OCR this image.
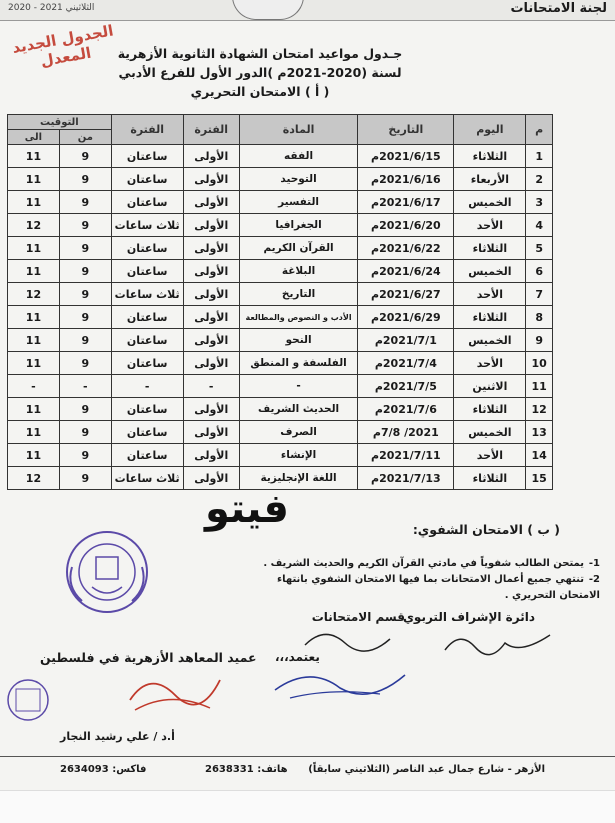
لجنة الامتحانات
2020 - 2021 الثلاثيني
الجدول الجديد المعدل	جـدول مواعيد امتحان الشهادة الثانوية الأزهرية
لسنة (2020-2021م )الدور الأول للفرع الأدبي
( أ ) الامتحان التحريري
م	اليوم	التاريخ	المادة	الفترة	الفترة	التوقيت	
						من	الى
1	الثلاثاء	2021/6/15م	الفقه	الأولى	ساعتان	9	11
2	الأربعاء	2021/6/16م	التوحيد	الأولى	ساعتان	9	11
3	الخميس	2021/6/17م	التفسير	الأولى	ساعتان	9	11
4	الأحد	2021/6/20م	الجغرافيا	الأولى	ثلاث ساعات	9	12
5	الثلاثاء	2021/6/22م	القرآن الكريم	الأولى	ساعتان	9	11
6	الخميس	2021/6/24م	البلاغة	الأولى	ساعتان	9	11
7	الأحد	2021/6/27م	التاريخ	الأولى	ثلاث ساعات	9	12
8	الثلاثاء	2021/6/29م	الأدب و النصوص والمطالعة	الأولى	ساعتان	9	11
9	الخميس	2021/7/1م	النحو	الأولى	ساعتان	9	11
10	الأحد	2021/7/4م	الفلسفة و المنطق	الأولى	ساعتان	9	11
11	الاثنين	2021/7/5م	-	-	-	-	-
12	الثلاثاء	2021/7/6م	الحديث الشريف	الأولى	ساعتان	9	11
13	الخميس	2021/ 7/8م	الصرف	الأولى	ساعتان	9	11
14	الأحد	2021/7/11م	الإنشاء	الأولى	ساعتان	9	11
15	الثلاثاء	2021/7/13م	اللغة الإنجليزية	الأولى	ثلاث ساعات	9	12
فيتو	( ب ) الامتحان الشفوي:
1-يمتحن الطالب شفوياً في مادتي القرآن الكريم والحديث الشريف .
2-تنتهي جميع أعمال الامتحانات بما فيها الامتحان الشفوي بانتهاء الامتحان التحريري .
دائرة الإشراف التربوي
قسم الامتحانات
يعتمد،،،
عميد المعاهد الأزهرية في فلسطين
أ.د / علي رشيد النجار
الأزهر - شارع جمال عبد الناصر (الثلاثيني سابقاً)
هاتف: 2638331
فاكس: 2634093
